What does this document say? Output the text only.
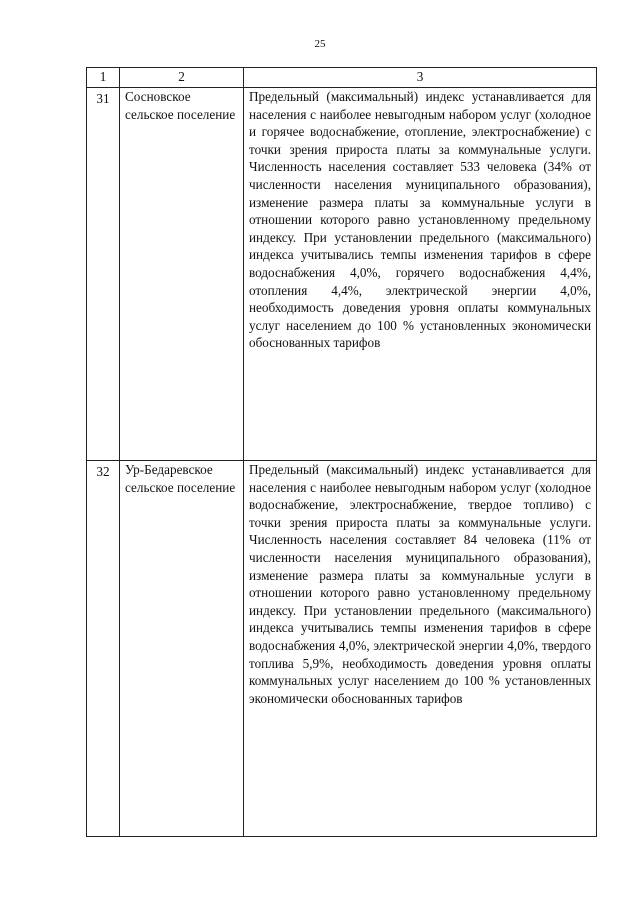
25
1	2	3

31	Сосновское сельское поселение	Предельный (максимальный) индекс устанавливается для населения с наиболее невыгодным набором услуг (холодное и горячее водоснабжение, отопление, электроснабжение) с точки зрения прироста платы за коммунальные услуги. Численность населения составляет 533 человека (34% от численности населения муниципального образования), изменение размера платы за коммунальные услуги в отношении которого равно установленному предельному индексу. При установлении предельного (максимального) индекса учитывались темпы изменения тарифов в сфере водоснабжения 4,0%, горячего водоснабжения 4,4%, отопления 4,4%, электрической энергии 4,0%, необходимость доведения уровня оплаты коммунальных услуг населением до 100 % установленных экономически обоснованных тарифов

32	Ур-Бедаревское сельское поселение	Предельный (максимальный) индекс устанавливается для населения с наиболее невыгодным набором услуг (холодное водоснабжение, электроснабжение, твердое топливо) с точки зрения прироста платы за коммунальные услуги. Численность населения составляет 84 человека (11% от численности населения муниципального образования), изменение размера платы за коммунальные услуги в отношении которого равно установленному предельному индексу. При установлении предельного (максимального) индекса учитывались темпы изменения тарифов в сфере водоснабжения 4,0%, электрической энергии 4,0%, твердого топлива 5,9%, необходимость доведения уровня оплаты коммунальных услуг населением до 100 % установленных экономически обоснованных тарифов
